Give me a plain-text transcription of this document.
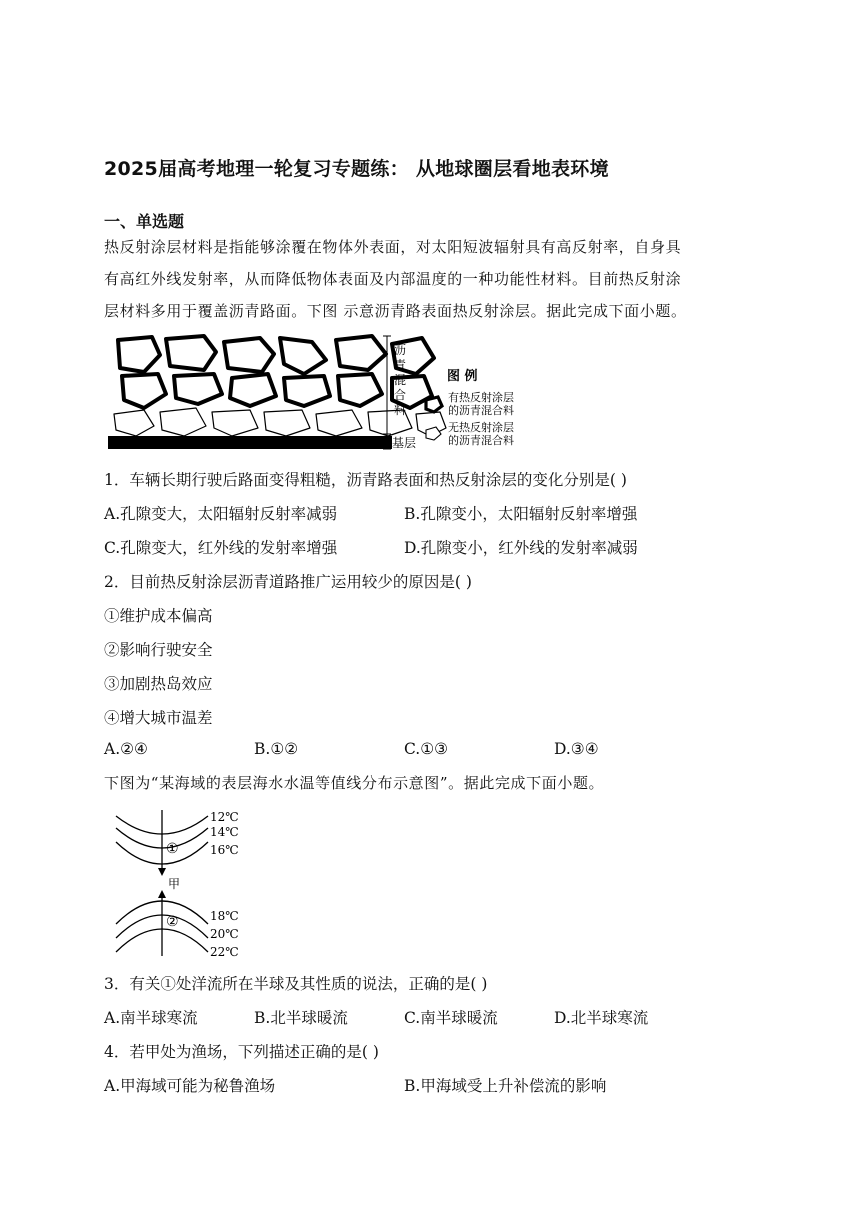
2025届高考地理一轮复习专题练： 从地球圈层看地表环境
一、单选题
热反射涂层材料是指能够涂覆在物体外表面，对太阳短波辐射具有高反射率，自身具
有高红外线发射率，从而降低物体表面及内部温度的一种功能性材料。目前热反射涂
层材料多用于覆盖沥青路面。下图 示意沥青路表面热反射涂层。据此完成下面小题。
沥
青
混
合
料
基层
图 例
有热反射涂层
的沥青混合料
无热反射涂层
的沥青混合料
1．车辆长期行驶后路面变得粗糙，沥青路表面和热反射涂层的变化分别是( )
A.孔隙变大，太阳辐射反射率减弱	B.孔隙变小，太阳辐射反射率增强
C.孔隙变大，红外线的发射率增强	D.孔隙变小，红外线的发射率减弱
2．目前热反射涂层沥青道路推广运用较少的原因是( )
①维护成本偏高
②影响行驶安全
③加剧热岛效应
④增大城市温差
A.②④	B.①②	C.①③	D.③④
下图为“某海域的表层海水水温等值线分布示意图”。据此完成下面小题。
12℃
14℃
16℃
①
甲
②	18℃
20℃
22℃
3．有关①处洋流所在半球及其性质的说法，正确的是( )
A.南半球寒流	B.北半球暖流	C.南半球暖流	D.北半球寒流
4．若甲处为渔场，下列描述正确的是( )
A.甲海域可能为秘鲁渔场	B.甲海域受上升补偿流的影响
